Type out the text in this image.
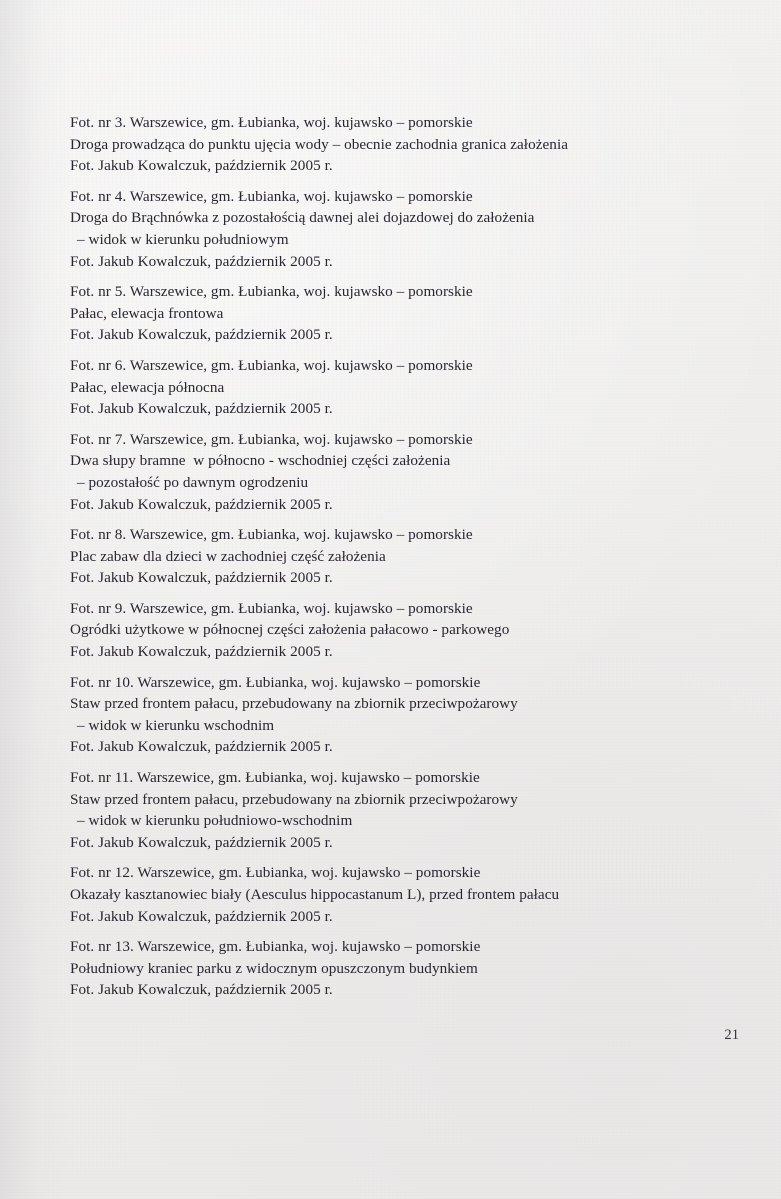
Fot. nr 3. Warszewice, gm. Łubianka, woj. kujawsko – pomorskie
Droga prowadząca do punktu ujęcia wody – obecnie zachodnia granica założenia
Fot. Jakub Kowalczuk, październik 2005 r.
Fot. nr 4. Warszewice, gm. Łubianka, woj. kujawsko – pomorskie
Droga do Brąchnówka z pozostałością dawnej alei dojazdowej do założenia
– widok w kierunku południowym
Fot. Jakub Kowalczuk, październik 2005 r.
Fot. nr 5. Warszewice, gm. Łubianka, woj. kujawsko – pomorskie
Pałac, elewacja frontowa
Fot. Jakub Kowalczuk, październik 2005 r.
Fot. nr 6. Warszewice, gm. Łubianka, woj. kujawsko – pomorskie
Pałac, elewacja północna
Fot. Jakub Kowalczuk, październik 2005 r.
Fot. nr 7. Warszewice, gm. Łubianka, woj. kujawsko – pomorskie
Dwa słupy bramne  w północno - wschodniej części założenia
– pozostałość po dawnym ogrodzeniu
Fot. Jakub Kowalczuk, październik 2005 r.
Fot. nr 8. Warszewice, gm. Łubianka, woj. kujawsko – pomorskie
Plac zabaw dla dzieci w zachodniej część założenia
Fot. Jakub Kowalczuk, październik 2005 r.
Fot. nr 9. Warszewice, gm. Łubianka, woj. kujawsko – pomorskie
Ogródki użytkowe w północnej części założenia pałacowo - parkowego
Fot. Jakub Kowalczuk, październik 2005 r.
Fot. nr 10. Warszewice, gm. Łubianka, woj. kujawsko – pomorskie
Staw przed frontem pałacu, przebudowany na zbiornik przeciwpożarowy
– widok w kierunku wschodnim
Fot. Jakub Kowalczuk, październik 2005 r.
Fot. nr 11. Warszewice, gm. Łubianka, woj. kujawsko – pomorskie
Staw przed frontem pałacu, przebudowany na zbiornik przeciwpożarowy
– widok w kierunku południowo-wschodnim
Fot. Jakub Kowalczuk, październik 2005 r.
Fot. nr 12. Warszewice, gm. Łubianka, woj. kujawsko – pomorskie
Okazały kasztanowiec biały (Aesculus hippocastanum L), przed frontem pałacu
Fot. Jakub Kowalczuk, październik 2005 r.
Fot. nr 13. Warszewice, gm. Łubianka, woj. kujawsko – pomorskie
Południowy kraniec parku z widocznym opuszczonym budynkiem
Fot. Jakub Kowalczuk, październik 2005 r.
21
